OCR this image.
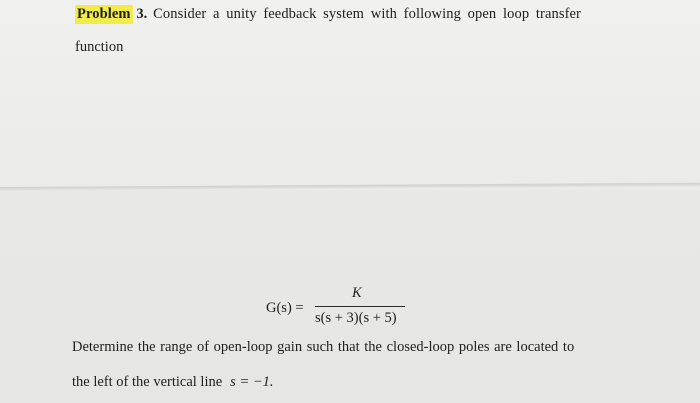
Problem 3. Consider a unity feedback system with following open loop transfer
function
G(s) =
K
s(s + 3)(s + 5)
Determine the range of open-loop gain such that the closed-loop poles are located to
the left of the vertical line s = −1.
